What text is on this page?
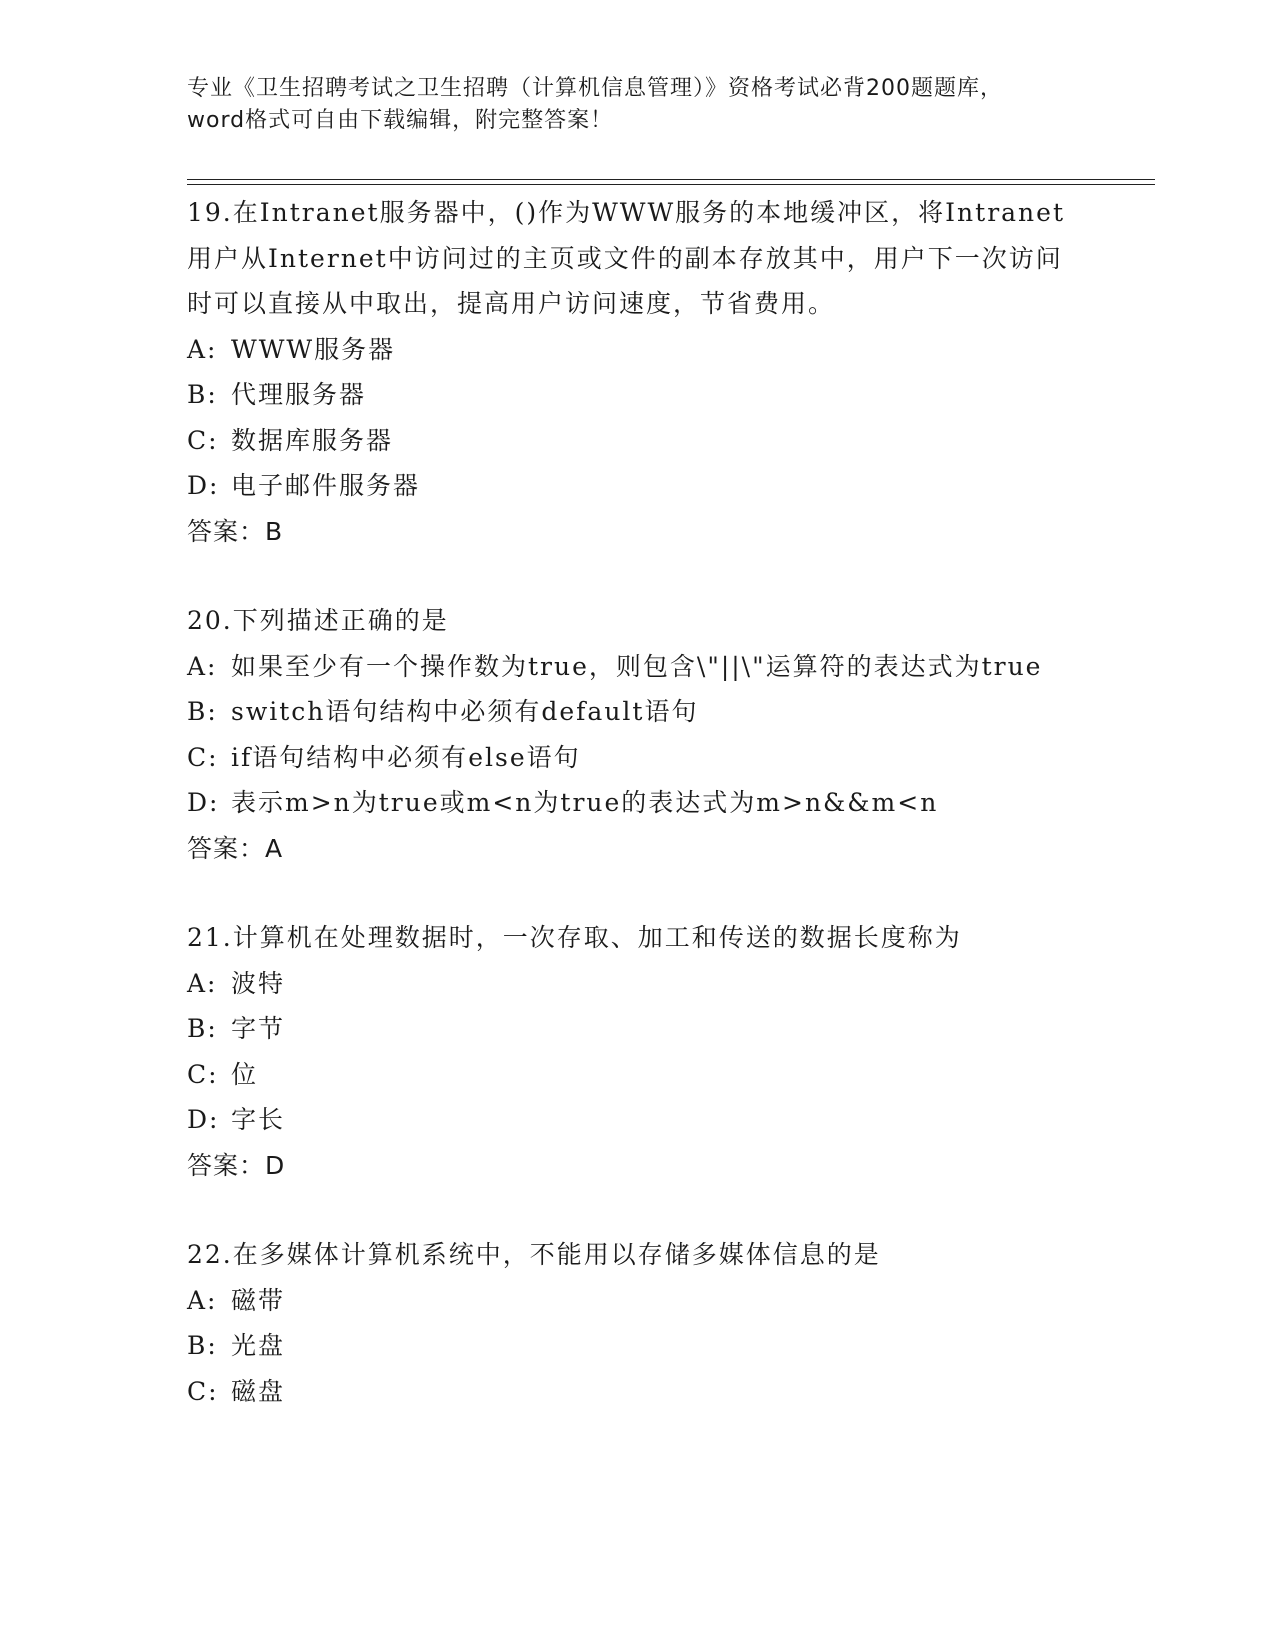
专业《卫生招聘考试之卫生招聘（计算机信息管理）》资格考试必背200题题库，
word格式可自由下载编辑，附完整答案！

19.在Intranet服务器中，()作为WWW服务的本地缓冲区，将Intranet用户从Internet中访问过的主页或文件的副本存放其中，用户下一次访问时可以直接从中取出，提高用户访问速度，节省费用。

A: WWW服务器

B: 代理服务器

C: 数据库服务器

D: 电子邮件服务器

答案：B

20.下列描述正确的是

A: 如果至少有一个操作数为true，则包含\"||\"运算符的表达式为true

B: switch语句结构中必须有default语句

C: if语句结构中必须有else语句

D: 表示m>n为true或m<n为true的表达式为m>n&&m<n

答案：A

21.计算机在处理数据时，一次存取、加工和传送的数据长度称为

A: 波特

B: 字节

C: 位

D: 字长

答案：D

22.在多媒体计算机系统中，不能用以存储多媒体信息的是

A: 磁带

B: 光盘

C: 磁盘
